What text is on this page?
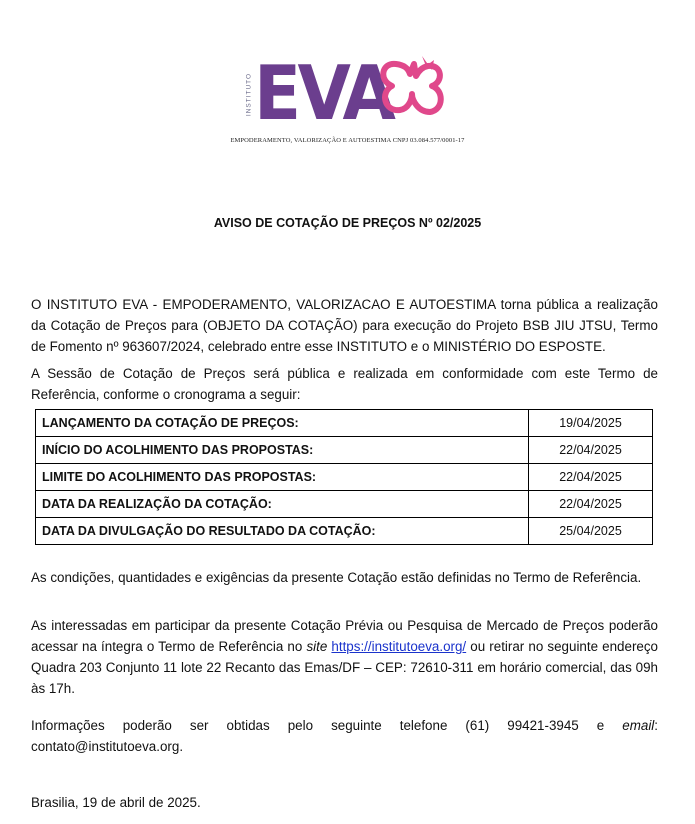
INSTITUTO EVA
EMPODERAMENTO, VALORIZAÇÃO E AUTOESTIMA CNPJ 03.084.577/0001-17
AVISO DE COTAÇÃO DE PREÇOS Nº 02/2025

O INSTITUTO EVA - EMPODERAMENTO, VALORIZACAO E AUTOESTIMA torna pública a realização da Cotação de Preços para (OBJETO DA COTAÇÃO) para execução do Projeto BSB JIU JTSU, Termo de Fomento nº 963607/2024, celebrado entre esse INSTITUTO e o MINISTÉRIO DO ESPOSTE.

A Sessão de Cotação de Preços será pública e realizada em conformidade com este Termo de Referência, conforme o cronograma a seguir:

LANÇAMENTO DA COTAÇÃO DE PREÇOS:	19/04/2025
INÍCIO DO ACOLHIMENTO DAS PROPOSTAS:	22/04/2025
LIMITE DO ACOLHIMENTO DAS PROPOSTAS:	22/04/2025
DATA DA REALIZAÇÃO DA COTAÇÃO:	22/04/2025
DATA DA DIVULGAÇÃO DO RESULTADO DA COTAÇÃO:	25/04/2025

As condições, quantidades e exigências da presente Cotação estão definidas no Termo de Referência.

As interessadas em participar da presente Cotação Prévia ou Pesquisa de Mercado de Preços poderão acessar na íntegra o Termo de Referência no site https://institutoeva.org/ ou retirar no seguinte endereço Quadra 203 Conjunto 11 lote 22 Recanto das Emas/DF – CEP: 72610-311 em horário comercial, das 09h às 17h.

Informações poderão ser obtidas pelo seguinte telefone (61) 99421-3945 e email: contato@institutoeva.org.

Brasilia, 19 de abril de 2025.
